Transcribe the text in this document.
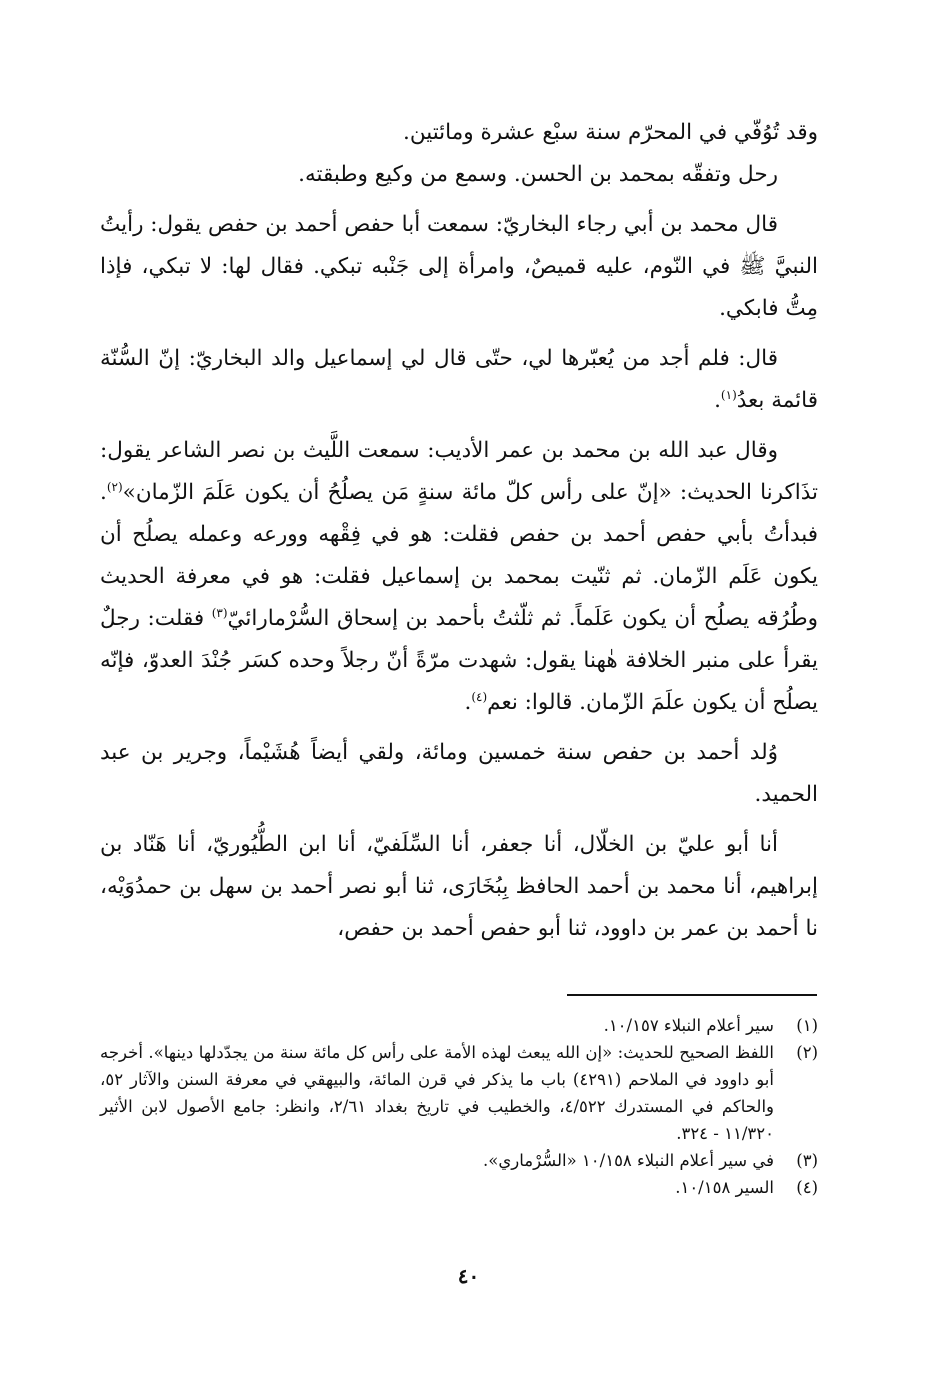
وقد تُوُفّي في المحرّم سنة سبْع عشرة ومائتين.

رحل وتفقّه بمحمد بن الحسن. وسمع من وكيع وطبقته.

قال محمد بن أبي رجاء البخاريّ: سمعت أبا حفص أحمد بن حفص يقول: رأيتُ النبيَّ ﷺ في النّوم، عليه قميصٌ، وامرأة إلى جَنْبه تبكي. فقال لها: لا تبكي، فإذا مِتُّ فابكي.

قال: فلم أجد من يُعبّرها لي، حتّى قال لي إسماعيل والد البخاريّ: إنّ السُّنّة قائمة بعدُ$^{(١)}$.

وقال عبد الله بن محمد بن عمر الأديب: سمعت اللَّيث بن نصر الشاعر يقول: تذَاكرنا الحديث: «إنّ على رأس كلّ مائة سنةٍ مَن يصلُحُ أن يكون عَلَمَ الزّمان»$^{(٢)}$. فبدأتُ بأبي حفص أحمد بن حفص فقلت: هو في فِقْهه وورعه وعمله يصلُح أن يكون عَلَم الزّمان. ثم ثنّيت بمحمد بن إسماعيل فقلت: هو في معرفة الحديث وطُرُقه يصلُح أن يكون عَلَماً. ثم ثلّثتُ بأحمد بن إسحاق السُّرْمارائيّ$^{(٣)}$ فقلت: رجلٌ يقرأ على منبر الخلافة هٰهنا يقول: شهدت مرّةً أنّ رجلاً وحده كسَر جُنْدَ العدوّ، فإنّه يصلُح أن يكون علَمَ الزّمان. قالوا: نعم$^{(٤)}$.

وُلد أحمد بن حفص سنة خمسين ومائة، ولقي أيضاً هُشَيْماً، وجرير بن عبد الحميد.

أنا أبو عليّ بن الخلّال، أنا جعفر، أنا السِّلَفيّ، أنا ابن الطُّيُوريّ، أنا هَنّاد بن إبراهيم، أنا محمد بن أحمد الحافظ بِبُخَارَى، ثنا أبو نصر أحمد بن سهل بن حمدُوَيْه، نا أحمد بن عمر بن داوود، ثنا أبو حفص أحمد بن حفص،

(١)
سير أعلام النبلاء ١٠/١٥٧.
(٢)
اللفظ الصحيح للحديث: «إن الله يبعث لهذه الأمة على رأس كل مائة سنة من يجدّدلها دينها». أخرجه أبو داوود في الملاحم (٤٢٩١) باب ما يذكر في قرن المائة، والبيهقي في معرفة السنن والآثار ٥٢، والحاكم في المستدرك ٤/٥٢٢، والخطيب في تاريخ بغداد ٢/٦١، وانظر: جامع الأصول لابن الأثير ١١/٣٢٠ - ٣٢٤.
(٣)
في سير أعلام النبلاء ١٠/١٥٨ «السُّرْماري».
(٤)
السير ١٠/١٥٨.
٤٠
